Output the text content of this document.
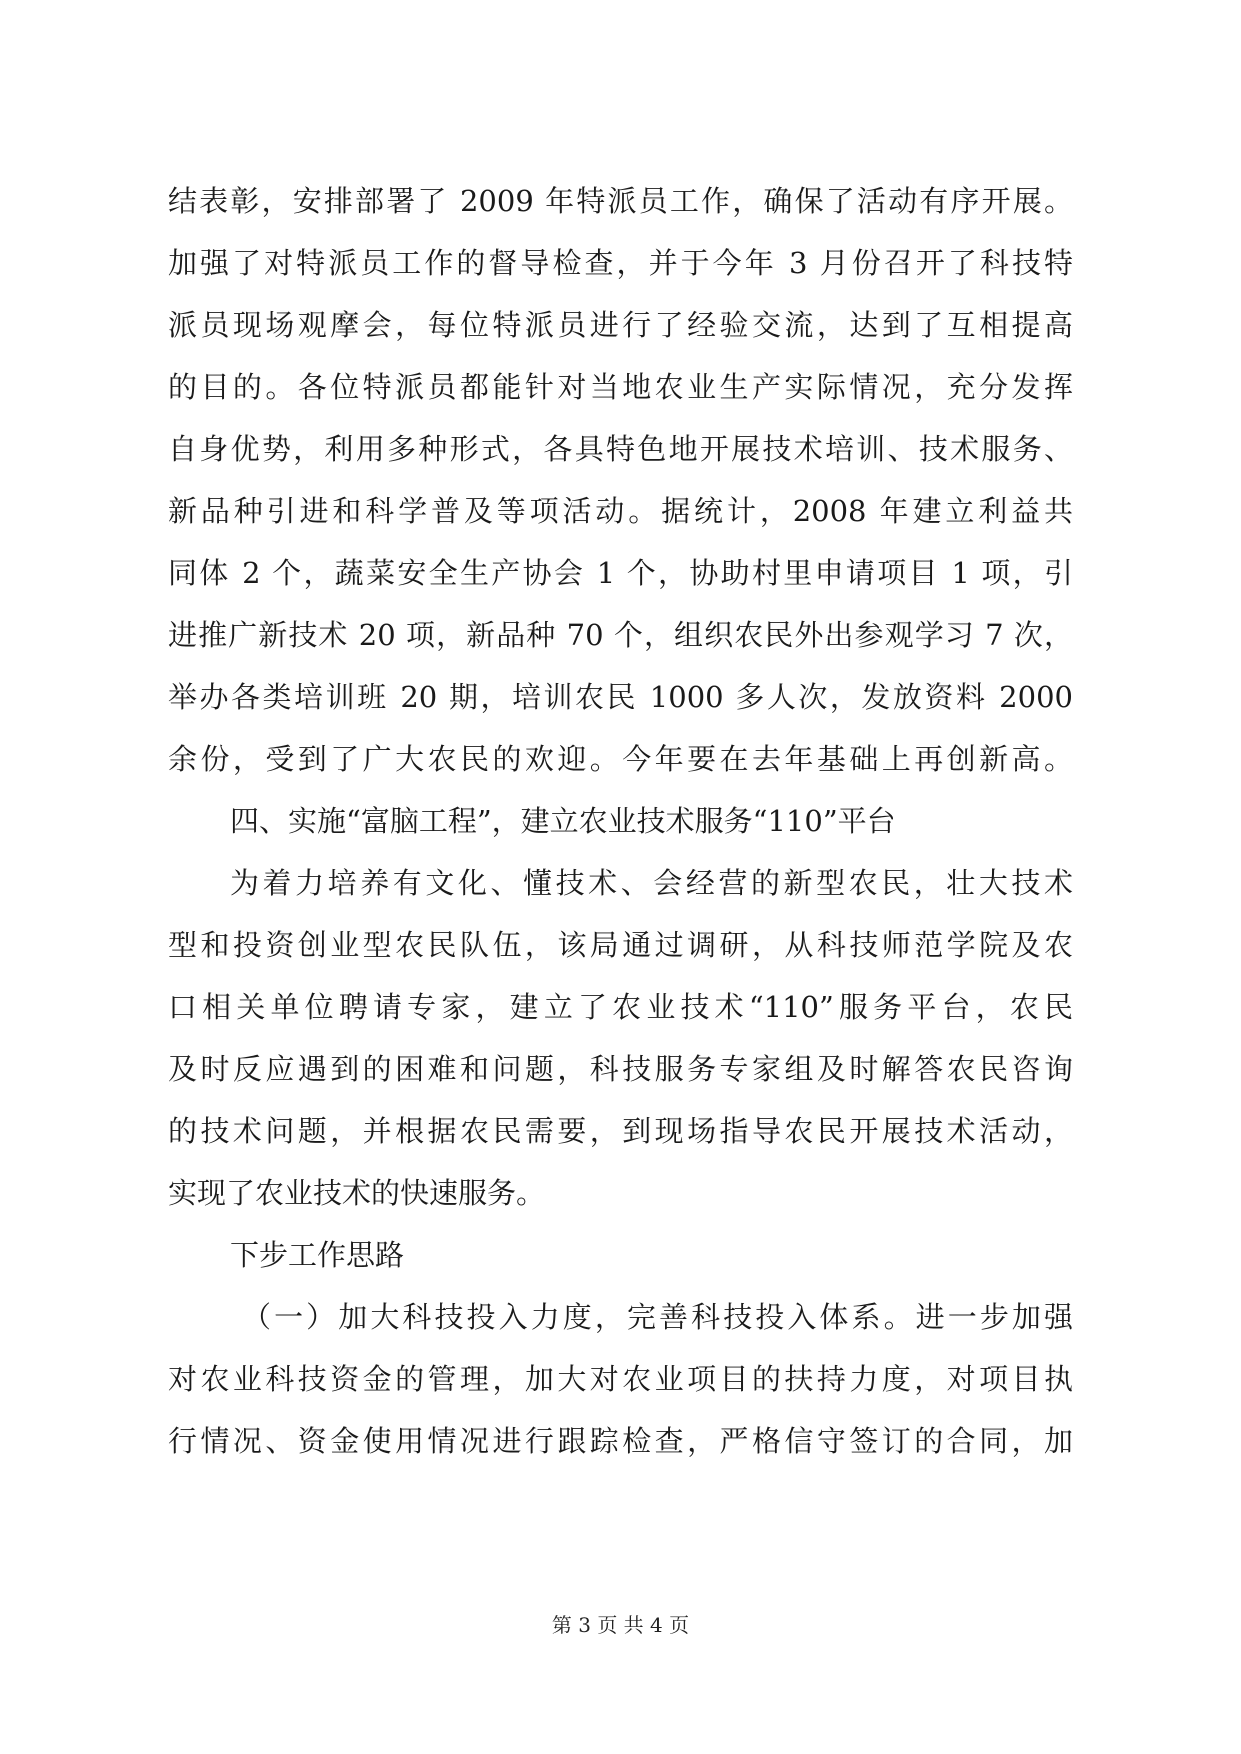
结表彰，安排部署了 2009 年特派员工作，确保了活动有序开展。
加强了对特派员工作的督导检查，并于今年 3 月份召开了科技特
派员现场观摩会，每位特派员进行了经验交流，达到了互相提高
的目的。各位特派员都能针对当地农业生产实际情况，充分发挥
自身优势，利用多种形式，各具特色地开展技术培训、技术服务、
新品种引进和科学普及等项活动。据统计，2008 年建立利益共
同体 2 个，蔬菜安全生产协会 1 个，协助村里申请项目 1 项，引
进推广新技术 20 项，新品种 70 个，组织农民外出参观学习 7 次，
举办各类培训班 20 期，培训农民 1000 多人次，发放资料 2000
余份，受到了广大农民的欢迎。今年要在去年基础上再创新高。
四、实施“富脑工程”，建立农业技术服务“110”平台
为着力培养有文化、懂技术、会经营的新型农民，壮大技术
型和投资创业型农民队伍，该局通过调研，从科技师范学院及农
口相关单位聘请专家，建立了农业技术“110”服务平台，农民
及时反应遇到的困难和问题，科技服务专家组及时解答农民咨询
的技术问题，并根据农民需要，到现场指导农民开展技术活动，
实现了农业技术的快速服务。
下步工作思路
（一）加大科技投入力度，完善科技投入体系。进一步加强
对农业科技资金的管理，加大对农业项目的扶持力度，对项目执
行情况、资金使用情况进行跟踪检查，严格信守签订的合同，加
第 3 页 共 4 页
